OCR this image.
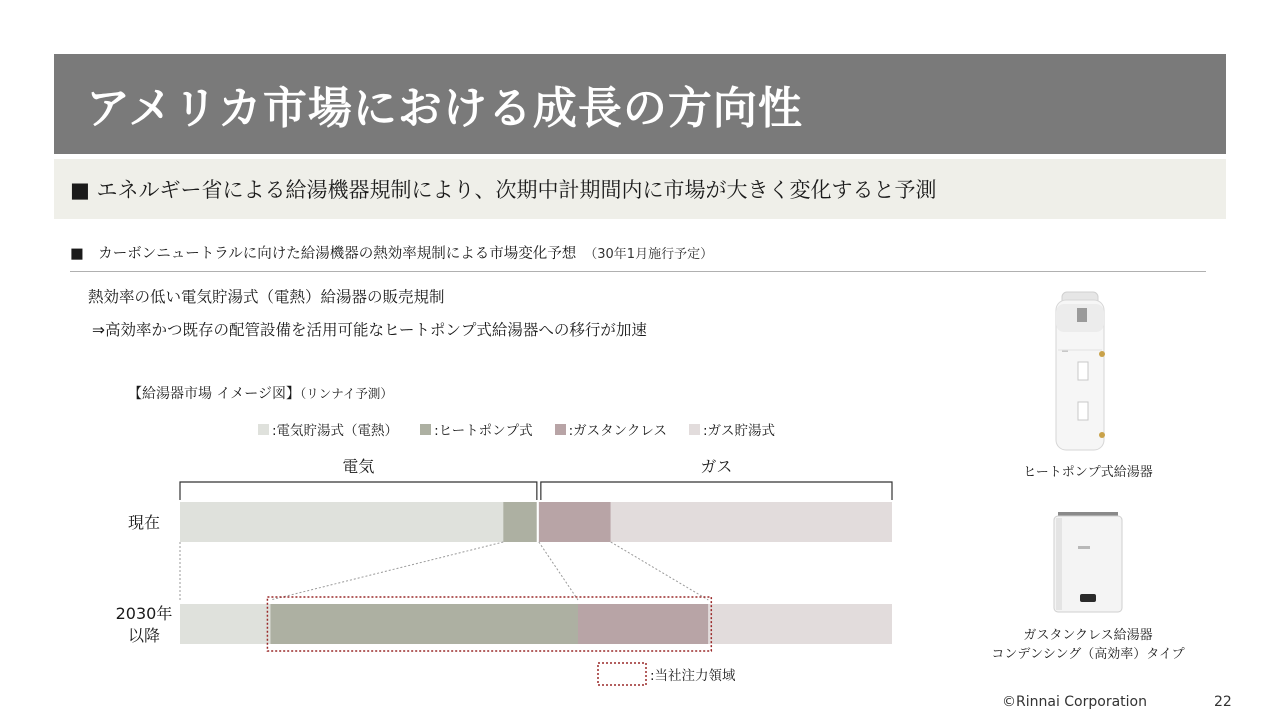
アメリカ市場における成長の方向性
■ エネルギー省による給湯機器規制により、次期中計期間内に市場が大きく変化すると予測
■　カーボンニュートラルに向けた給湯機器の熱効率規制による市場変化予想 （30年1月施行予定）
熱効率の低い電気貯湯式（電熱）給湯器の販売規制
⇒高効率かつ既存の配管設備を活用可能なヒートポンプ式給湯器への移行が加速
【給湯器市場 イメージ図】（リンナイ予測）
:電気貯湯式（電熱）	:ヒートポンプ式	:ガスタンクレス	:ガス貯湯式
電気	ガス
現在
2030年以降
:当社注力領域
ヒートポンプ式給湯器
ガスタンクレス給湯器
コンデンシング（高効率）タイプ
©Rinnai Corporation	22
